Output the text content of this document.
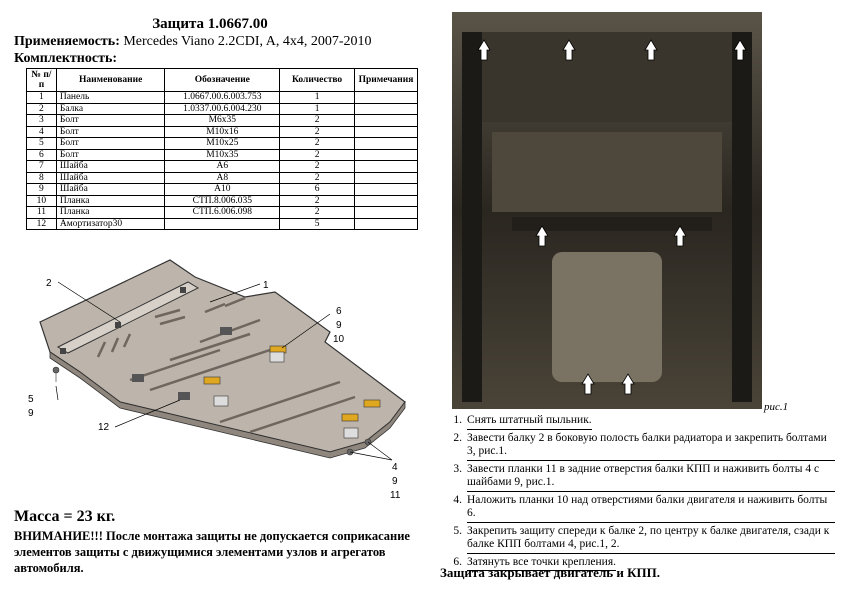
Защита 1.0667.00
Применяемость: Mercedes Viano 2.2CDI, A, 4x4, 2007-2010
Комплектность:
№ п/п	Наименование	Обозначение	Количество	Примечания
1	Панель	1.0667.00.6.003.753	1	
2	Балка	1.0337.00.6.004.230	1	
3	Болт	М6х35	2	
4	Болт	М10х16	2	
5	Болт	М10х25	2	
6	Болт	М10х35	2	
7	Шайба	А6	2	
8	Шайба	А8	2	
9	Шайба	А10	6	
10	Планка	СТП.8.006.035	2	
11	Планка	СТП.6.006.098	2	
12	Амортизатор30		5	
2	1
6
9
10
5
9
12
4
9
11
Масса = 23 кг.
ВНИМАНИЕ!!! После монтажа защиты не допускается соприкасание элементов защиты с движущимися элементами узлов и агрегатов автомобиля.
рис.1
1. Снять штатный пыльник.
2. Завести балку 2 в боковую полость балки радиатора и закрепить болтами 3, рис.1.
3. Завести планки 11 в задние отверстия балки КПП и наживить болты 4 с шайбами 9, рис.1.
4. Наложить планки 10 над отверстиями балки двигателя и наживить болты 6.
5. Закрепить защиту спереди к балке 2, по центру к балке двигателя, сзади к балке КПП болтами 4, рис.1, 2.
6. Затянуть все точки крепления.
Защита закрывает двигатель и КПП.
